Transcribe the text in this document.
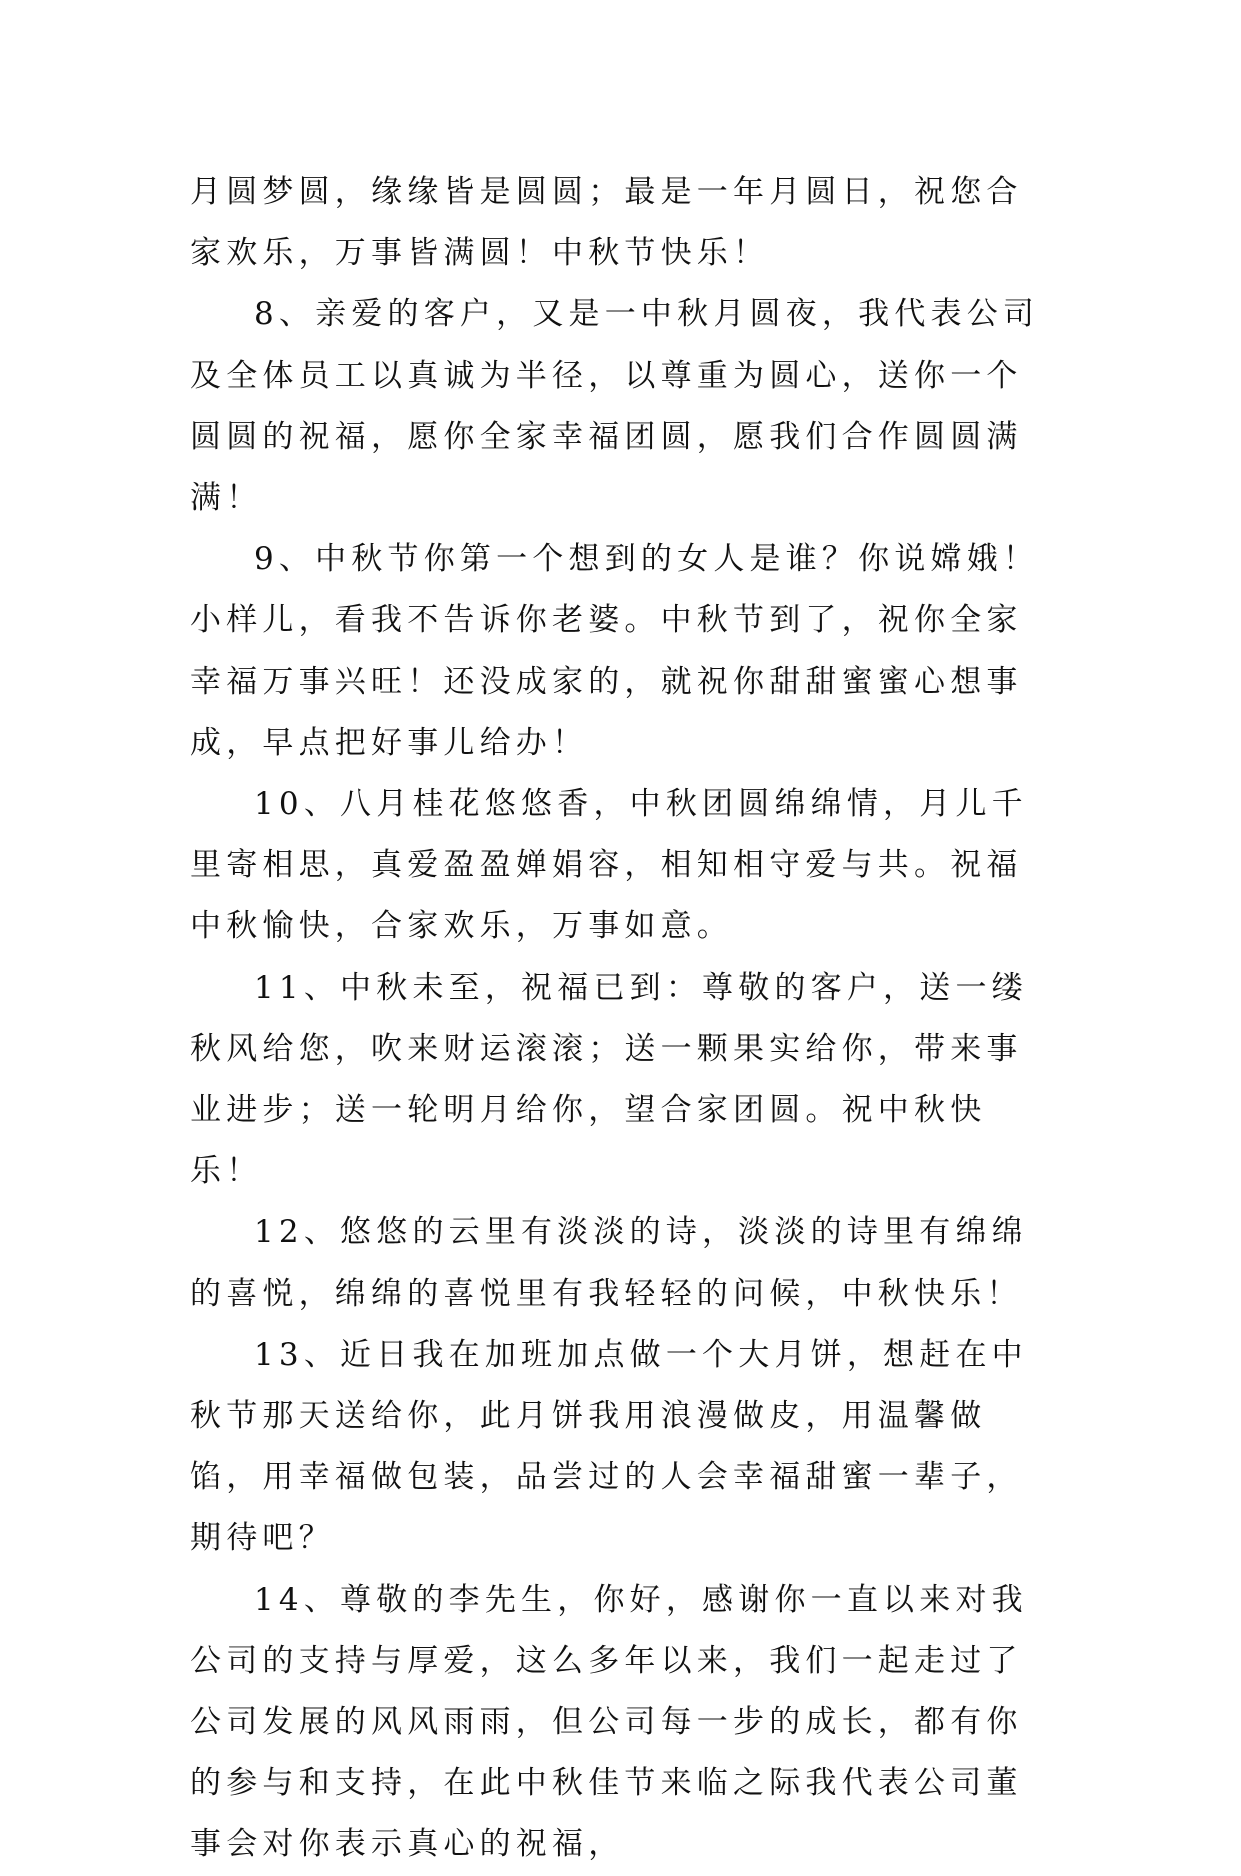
月圆梦圆，缘缘皆是圆圆；最是一年月圆日，祝您合家欢乐，万事皆满圆！中秋节快乐！

8、亲爱的客户，又是一中秋月圆夜，我代表公司及全体员工以真诚为半径，以尊重为圆心，送你一个圆圆的祝福，愿你全家幸福团圆，愿我们合作圆圆满满！

9、中秋节你第一个想到的女人是谁？你说嫦娥！小样儿，看我不告诉你老婆。中秋节到了，祝你全家幸福万事兴旺！还没成家的，就祝你甜甜蜜蜜心想事成，早点把好事儿给办！

10、八月桂花悠悠香，中秋团圆绵绵情，月儿千里寄相思，真爱盈盈婵娟容，相知相守爱与共。祝福中秋愉快，合家欢乐，万事如意。

11、中秋未至，祝福已到：尊敬的客户，送一缕秋风给您，吹来财运滚滚；送一颗果实给你，带来事业进步；送一轮明月给你，望合家团圆。祝中秋快乐！

12、悠悠的云里有淡淡的诗，淡淡的诗里有绵绵的喜悦，绵绵的喜悦里有我轻轻的问候，中秋快乐！

13、近日我在加班加点做一个大月饼，想赶在中秋节那天送给你，此月饼我用浪漫做皮，用温馨做馅，用幸福做包装，品尝过的人会幸福甜蜜一辈子，期待吧？

14、尊敬的李先生，你好，感谢你一直以来对我公司的支持与厚爱，这么多年以来，我们一起走过了公司发展的风风雨雨，但公司每一步的成长，都有你的参与和支持，在此中秋佳节来临之际我代表公司董事会对你表示真心的祝福，
